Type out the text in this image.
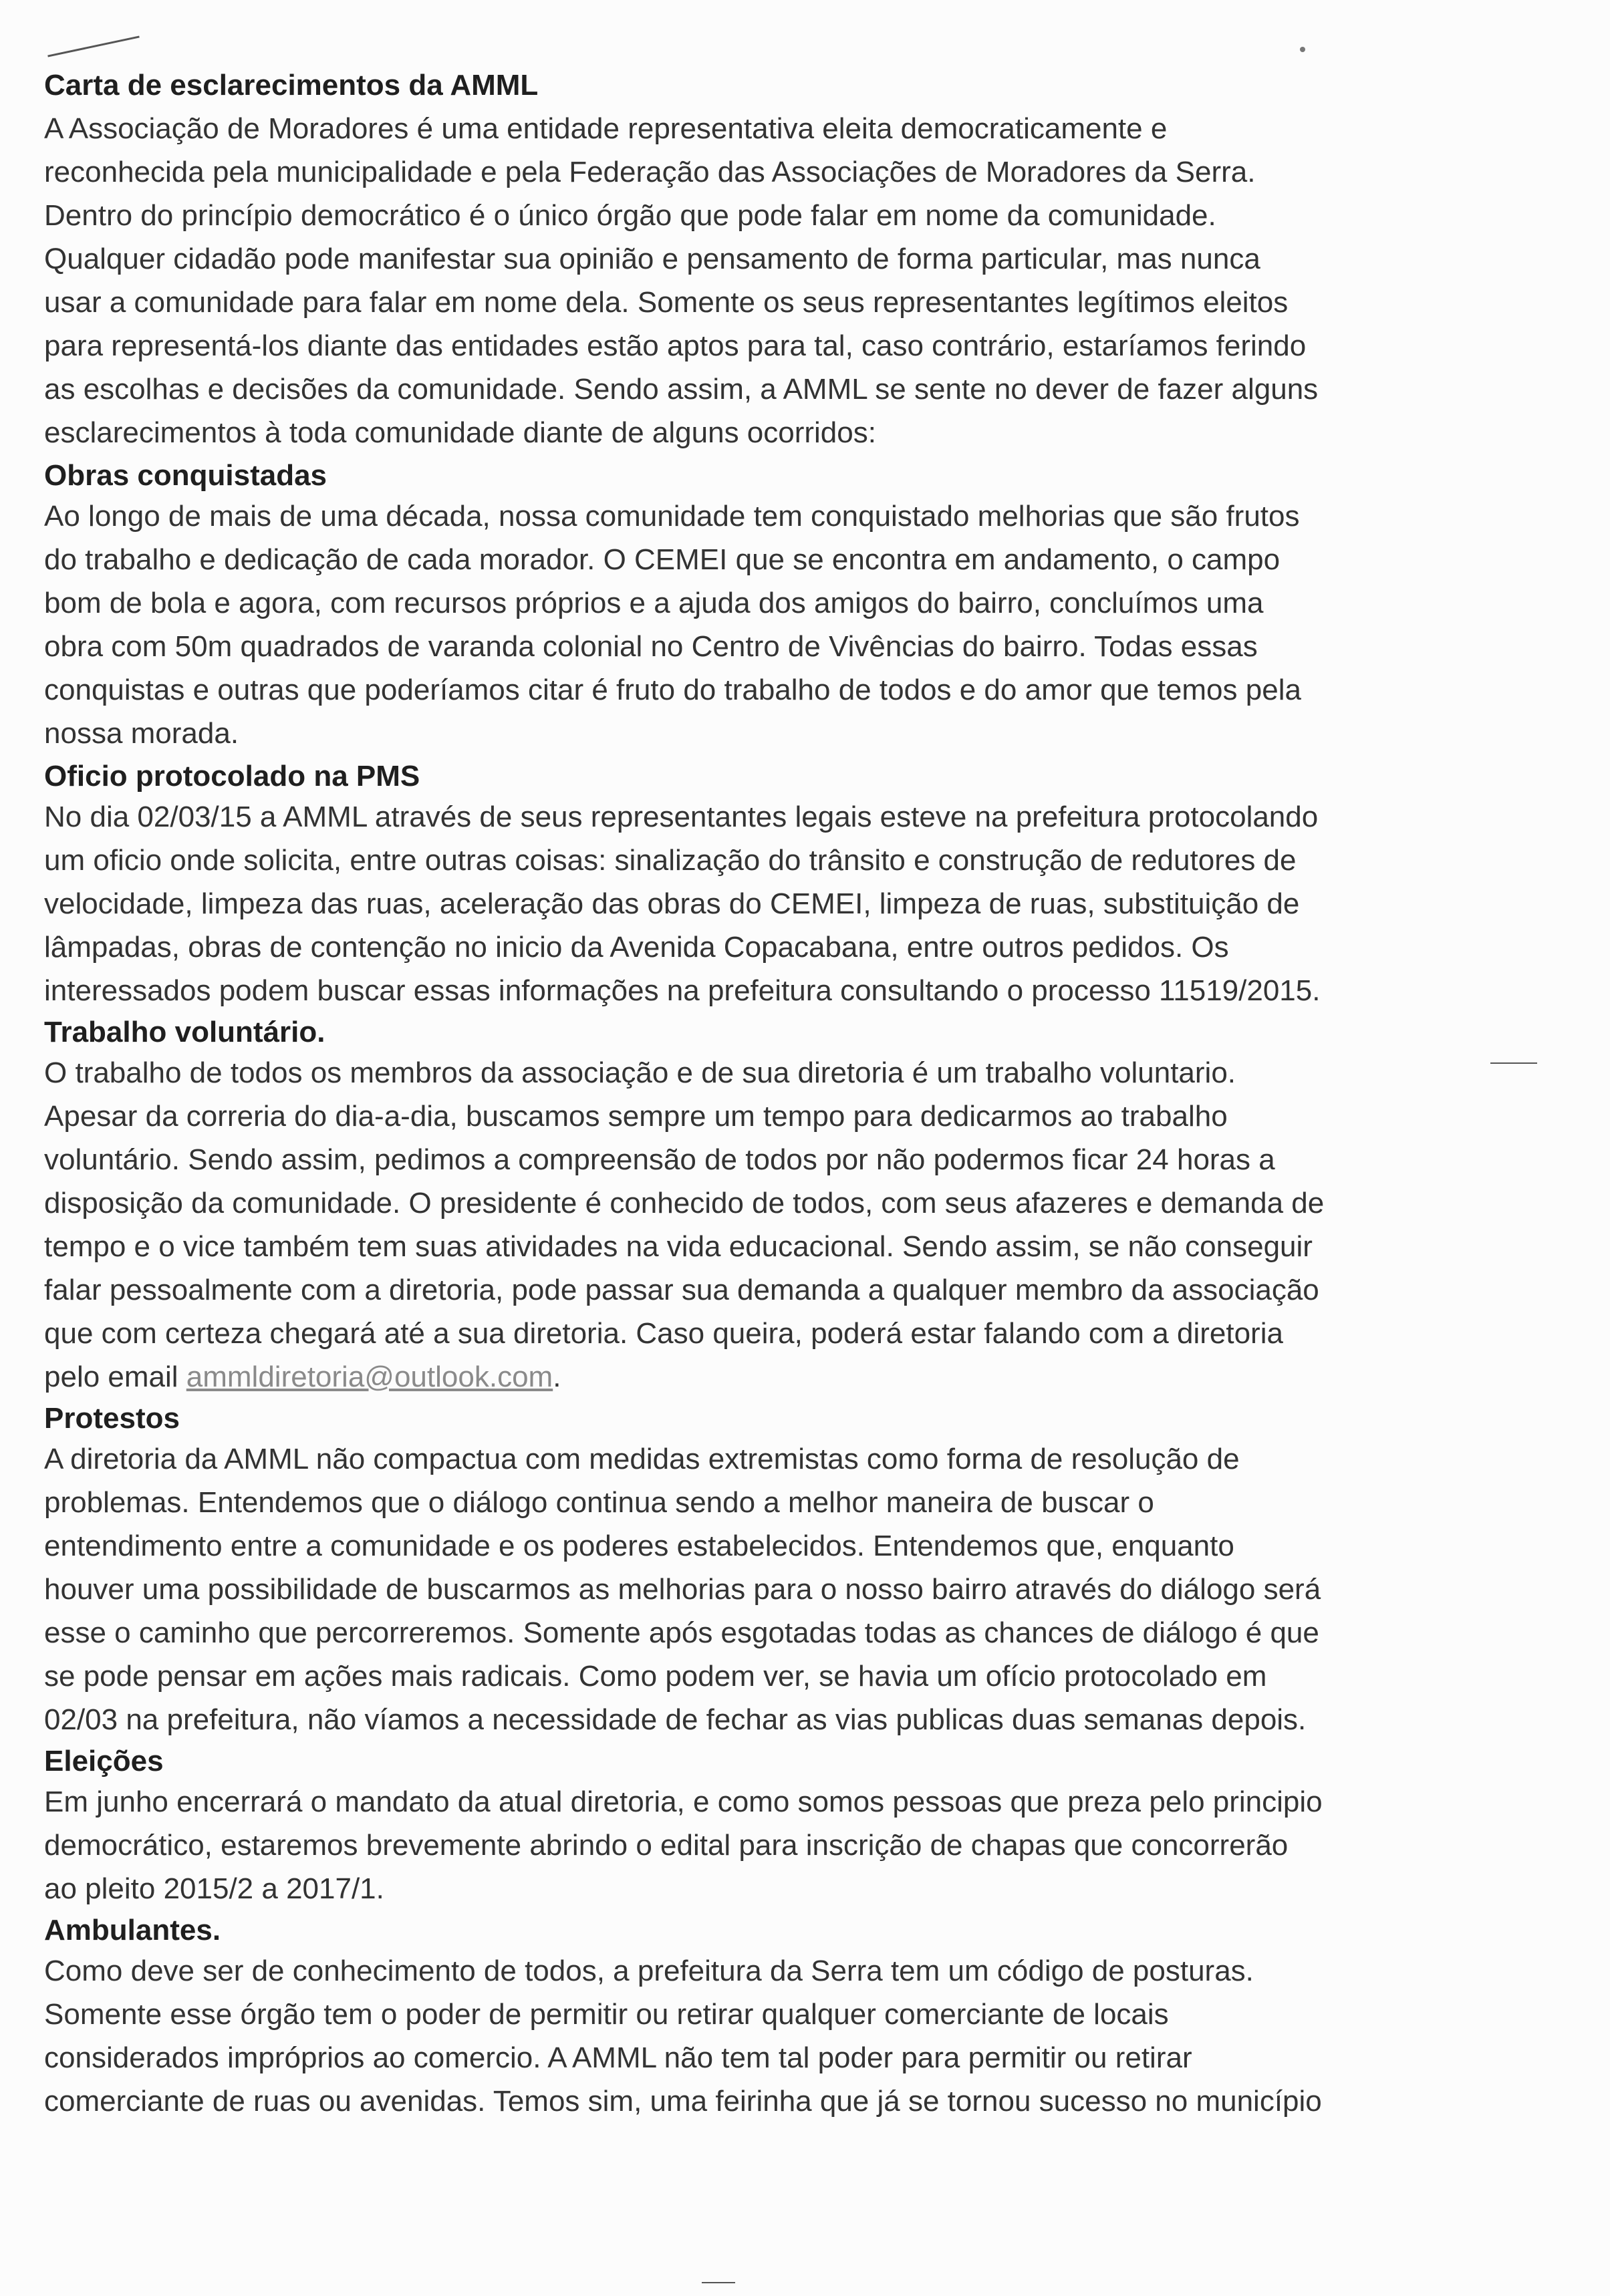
Carta de esclarecimentos da AMML

A Associação de Moradores é uma entidade representativa eleita democraticamente e
reconhecida pela municipalidade e pela Federação das Associações de Moradores da Serra.
Dentro do princípio democrático é o único órgão que pode falar em nome da comunidade.
Qualquer cidadão pode manifestar sua opinião e pensamento de forma particular, mas nunca
usar a comunidade para falar em nome dela. Somente os seus representantes legítimos eleitos
para representá-los diante das entidades estão aptos para tal, caso contrário, estaríamos ferindo
as escolhas e decisões da comunidade. Sendo assim, a AMML se sente no dever de fazer alguns
esclarecimentos à toda comunidade diante de alguns ocorridos:

Obras conquistadas

Ao longo de mais de uma década, nossa comunidade tem conquistado melhorias que são frutos
do trabalho e dedicação de cada morador. O CEMEI que se encontra em andamento, o campo
bom de bola e agora, com recursos próprios e a ajuda dos amigos do bairro, concluímos uma
obra com 50m quadrados de varanda colonial no Centro de Vivências do bairro. Todas essas
conquistas e outras que poderíamos citar é fruto do trabalho de todos e do amor que temos pela
nossa morada.

Oficio protocolado na PMS

No dia 02/03/15 a AMML através de seus representantes legais esteve na prefeitura protocolando
um oficio onde solicita, entre outras coisas: sinalização do trânsito e construção de redutores de
velocidade, limpeza das ruas, aceleração das obras do CEMEI, limpeza de ruas, substituição de
lâmpadas, obras de contenção no inicio da Avenida Copacabana, entre outros pedidos. Os
interessados podem buscar essas informações na prefeitura consultando o processo 11519/2015.

Trabalho voluntário.

O trabalho de todos os membros da associação e de sua diretoria é um trabalho voluntario.
Apesar da correria do dia-a-dia, buscamos sempre um tempo para dedicarmos ao trabalho
voluntário. Sendo assim, pedimos a compreensão de todos por não podermos ficar 24 horas a
disposição da comunidade. O presidente é conhecido de todos, com seus afazeres e demanda de
tempo e o vice também tem suas atividades na vida educacional. Sendo assim, se não conseguir
falar pessoalmente com a diretoria, pode passar sua demanda a qualquer membro da associação
que com certeza chegará até a sua diretoria. Caso queira, poderá estar falando com a diretoria
pelo email ammldiretoria@outlook.com.

Protestos

A diretoria da AMML não compactua com medidas extremistas como forma de resolução de
problemas. Entendemos que o diálogo continua sendo a melhor maneira de buscar o
entendimento entre a comunidade e os poderes estabelecidos. Entendemos que, enquanto
houver uma possibilidade de buscarmos as melhorias para o nosso bairro através do diálogo será
esse o caminho que percorreremos. Somente após esgotadas todas as chances de diálogo é que
se pode pensar em ações mais radicais. Como podem ver, se havia um ofício protocolado em
02/03 na prefeitura, não víamos a necessidade de fechar as vias publicas duas semanas depois.

Eleições

Em junho encerrará o mandato da atual diretoria, e como somos pessoas que preza pelo principio
democrático, estaremos brevemente abrindo o edital para inscrição de chapas que concorrerão
ao pleito 2015/2 a 2017/1.

Ambulantes.

Como deve ser de conhecimento de todos, a prefeitura da Serra tem um código de posturas.
Somente esse órgão tem o poder de permitir ou retirar qualquer comerciante de locais
considerados impróprios ao comercio. A AMML não tem tal poder para permitir ou retirar
comerciante de ruas ou avenidas. Temos sim, uma feirinha que já se tornou sucesso no município
